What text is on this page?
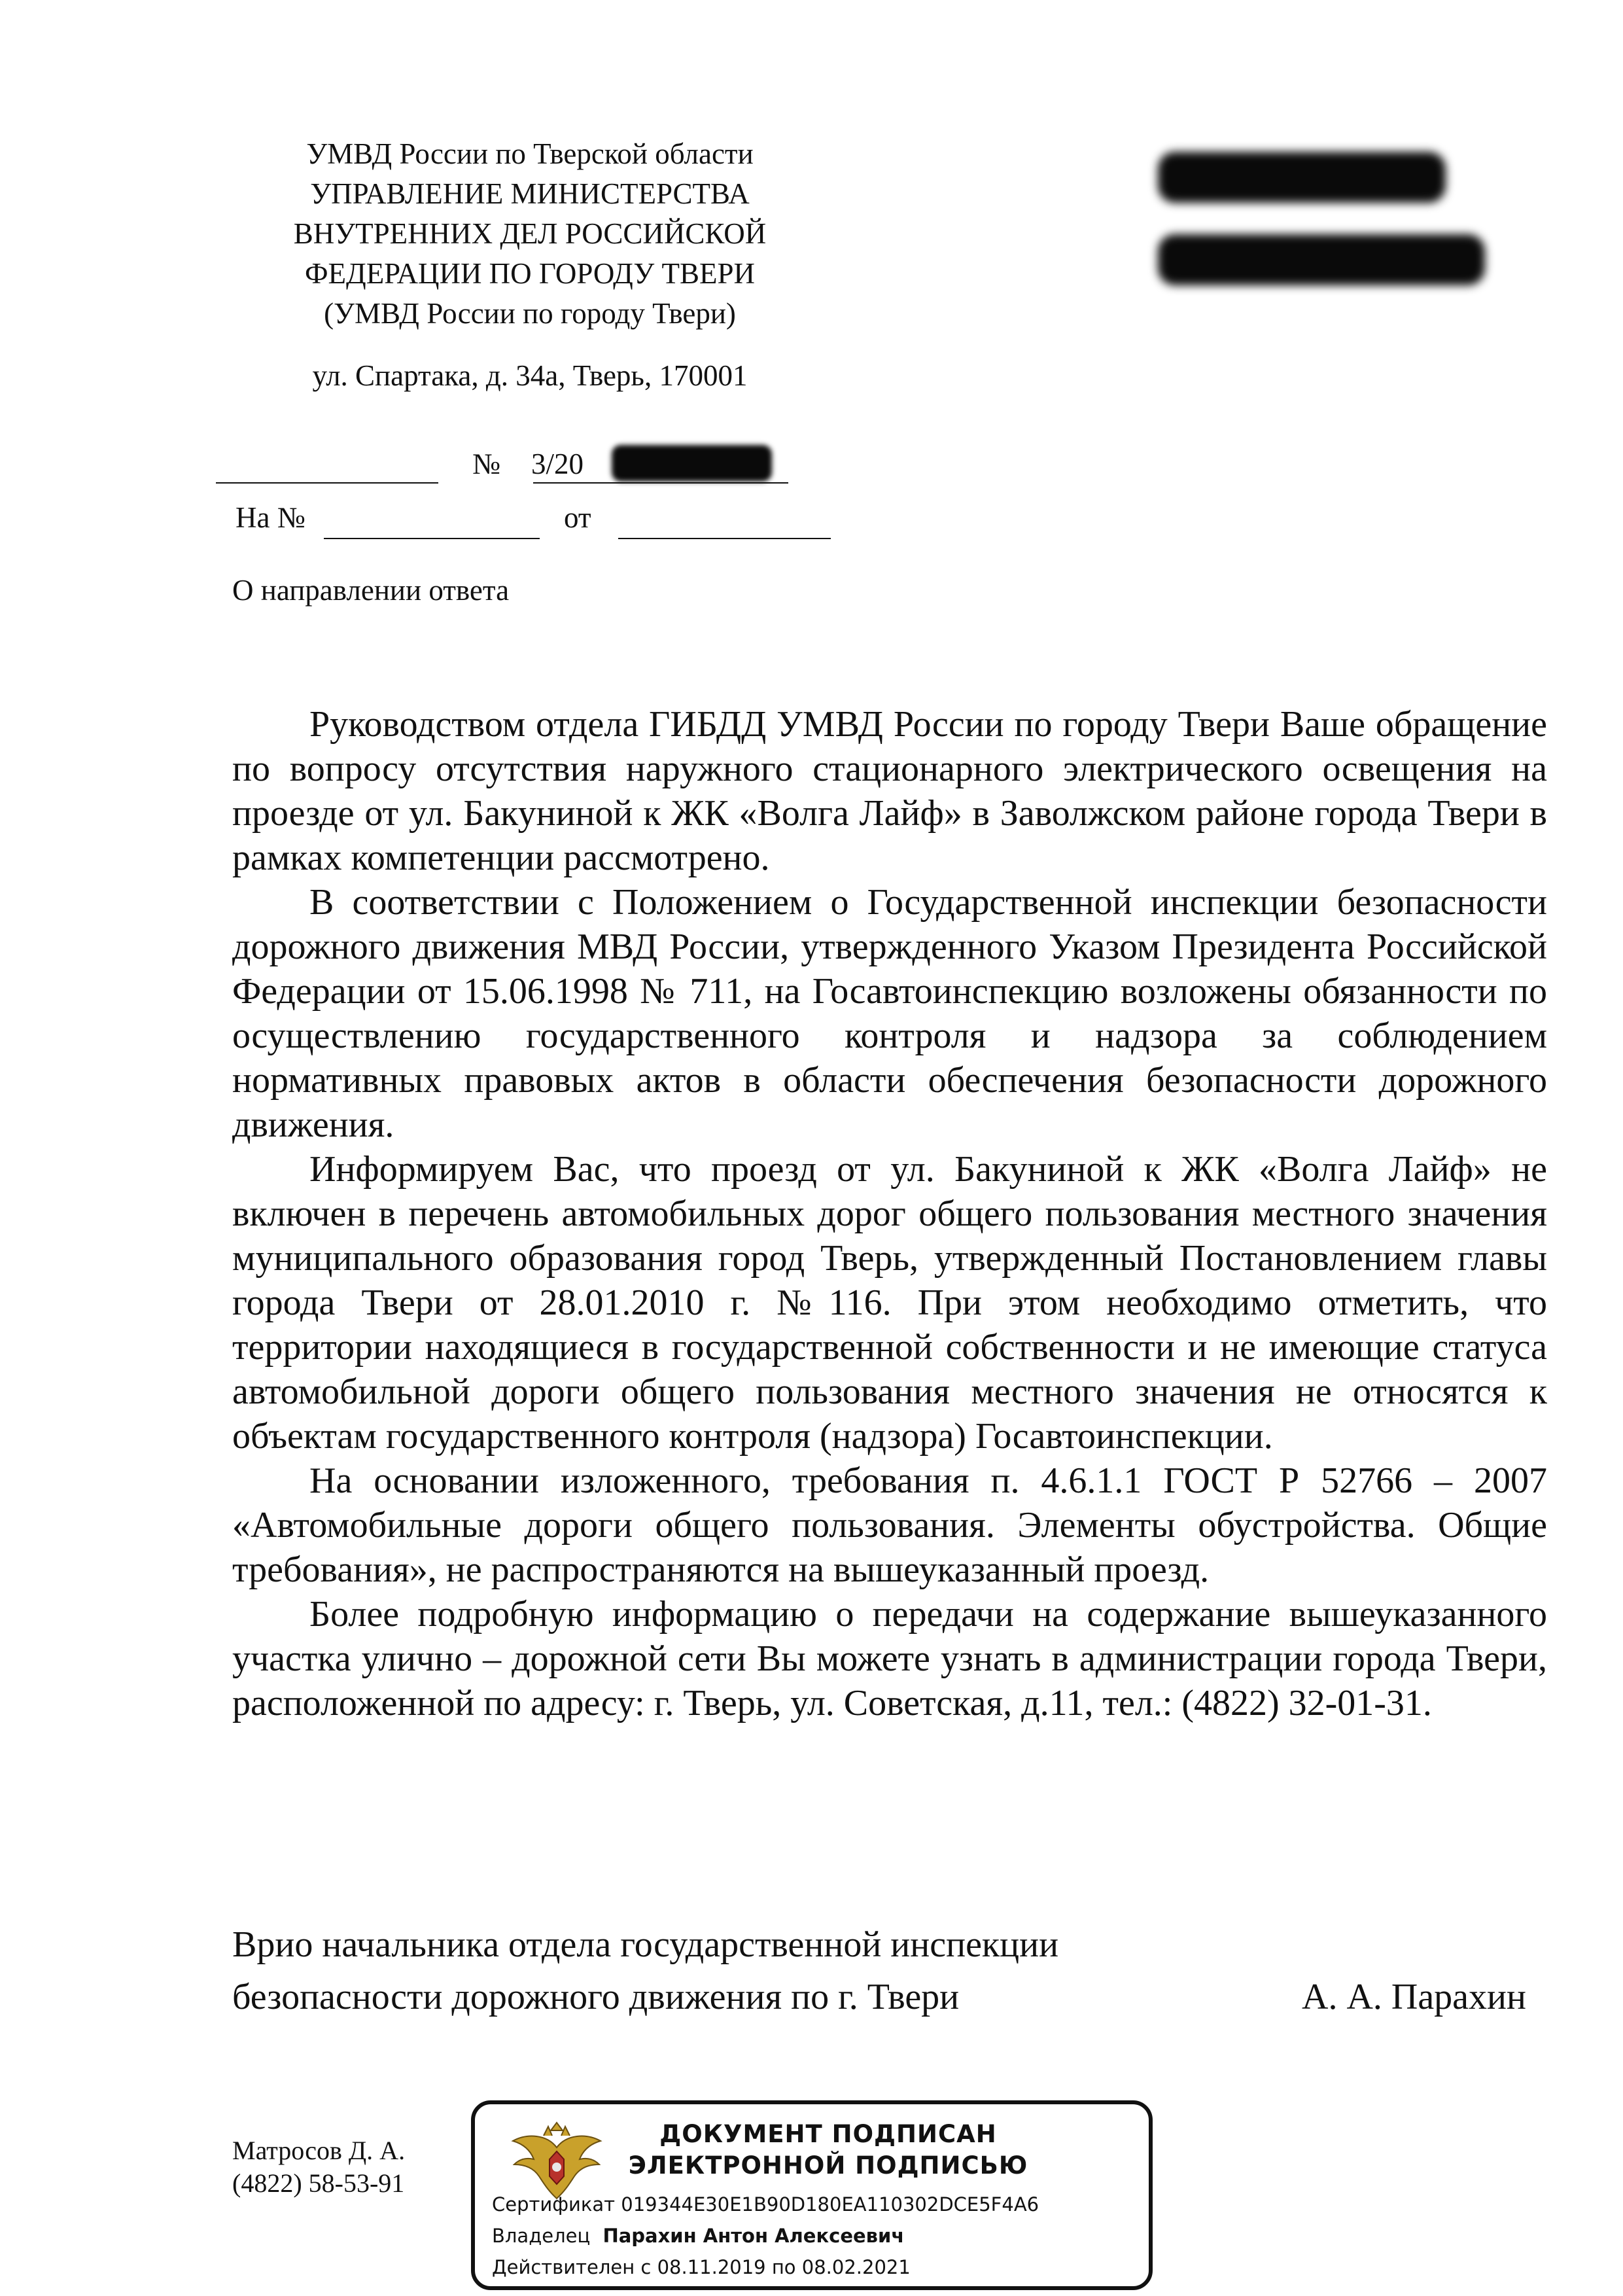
УМВД России по Тверской области
УПРАВЛЕНИЕ МИНИСТЕРСТВА
ВНУТРЕННИХ ДЕЛ РОССИЙСКОЙ
ФЕДЕРАЦИИ ПО ГОРОДУ ТВЕРИ
(УМВД России по городу Твери)
ул. Спартака, д. 34а, Тверь, 170001
№ 3/20
На №	от
О направлении ответа

Руководством отдела ГИБДД УМВД России по городу Твери Ваше обращение по вопросу отсутствия наружного стационарного электрического освещения на проезде от ул. Бакуниной к ЖК «Волга Лайф» в Заволжском районе города Твери в рамках компетенции рассмотрено.

В соответствии с Положением о Государственной инспекции безопасности дорожного движения МВД России, утвержденного Указом Президента Российской Федерации от 15.06.1998 № 711, на Госавтоинспекцию возложены обязанности по осуществлению государственного контроля и надзора за соблюдением нормативных правовых актов в области обеспечения безопасности дорожного движения.

Информируем Вас, что проезд от ул. Бакуниной к ЖК «Волга Лайф» не включен в перечень автомобильных дорог общего пользования местного значения муниципального образования город Тверь, утвержденный Постановлением главы города Твери от 28.01.2010 г. №116. При этом необходимо отметить, что территории находящиеся в государственной собственности и не имеющие статуса автомобильной дороги общего пользования местного значения не относятся к объектам государственного контроля (надзора) Госавтоинспекции.

На основании изложенного, требования п. 4.6.1.1 ГОСТ Р 52766 – 2007 «Автомобильные дороги общего пользования. Элементы обустройства. Общие требования», не распространяются на вышеуказанный проезд.

Более подробную информацию о передачи на содержание вышеуказанного участка улично – дорожной сети Вы можете узнать в администрации города Твери, расположенной по адресу: г. Тверь, ул. Советская, д.11, тел.: (4822) 32-01-31.

Врио начальника отдела государственной инспекции
безопасности дорожного движения по г. Твери	А. А. Парахин
Матросов Д. А.
(4822) 58-53-91
ДОКУМЕНТ ПОДПИСАН
ЭЛЕКТРОННОЙ ПОДПИСЬЮ
Сертификат 019344E30E1B90D180EA110302DCE5F4A6
Владелец Парахин Антон Алексеевич
Действителен с 08.11.2019 по 08.02.2021
